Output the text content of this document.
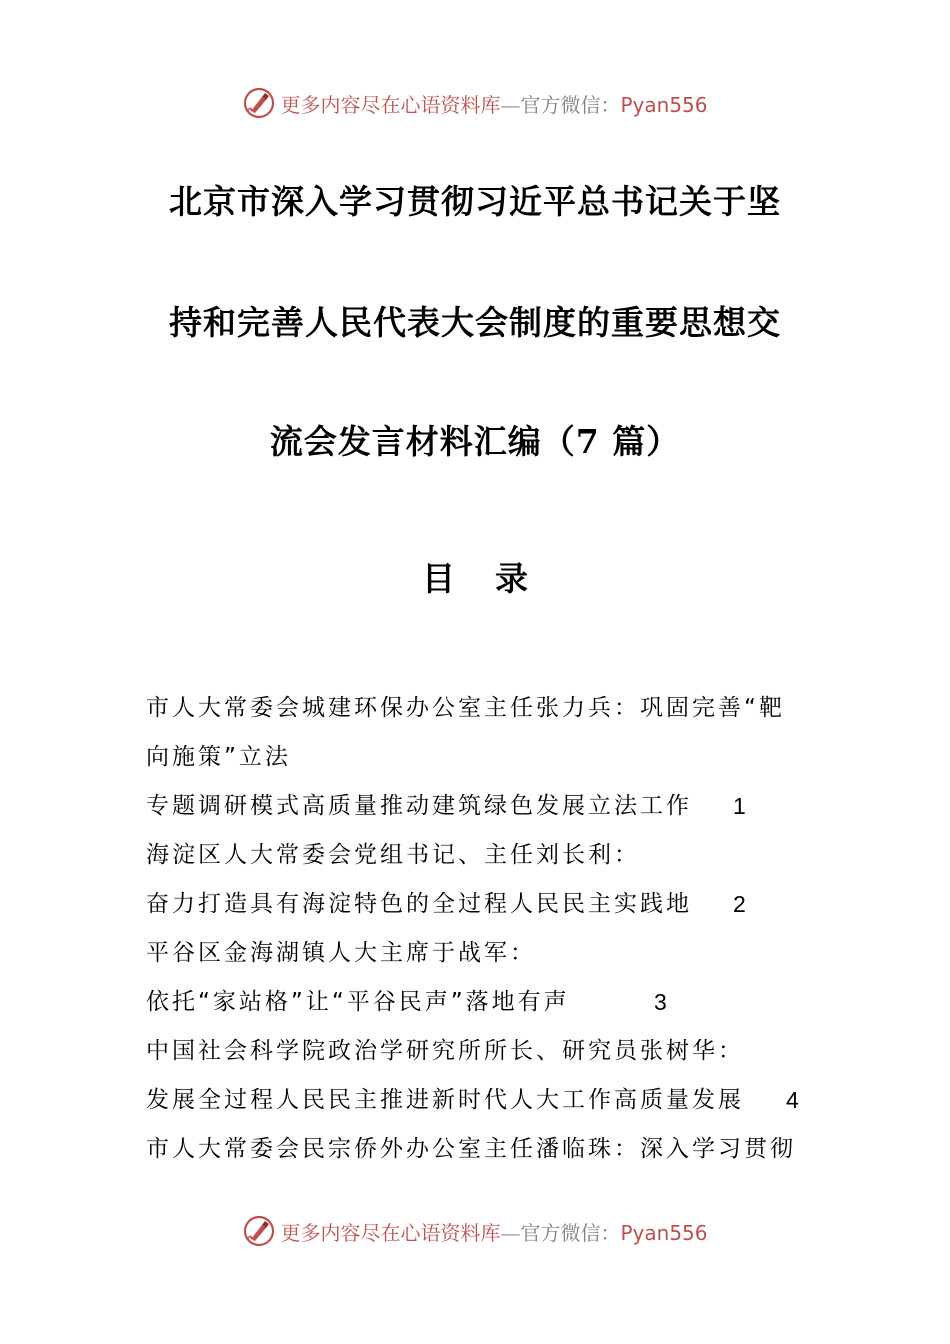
更多内容尽在心语资料库—官方微信：Pyan556
北京市深入学习贯彻习近平总书记关于坚
持和完善人民代表大会制度的重要思想交
流会发言材料汇编（7 篇）
目录
市人大常委会城建环保办公室主任张力兵：巩固完善“靶
向施策”立法
专题调研模式高质量推动建筑绿色发展立法工作 1
海淀区人大常委会党组书记、主任刘长利：
奋力打造具有海淀特色的全过程人民民主实践地 2
平谷区金海湖镇人大主席于战军：
依托“家站格”让“平谷民声”落地有声	3
中国社会科学院政治学研究所所长、研究员张树华：
发展全过程人民民主推进新时代人大工作高质量发展 4
市人大常委会民宗侨外办公室主任潘临珠：深入学习贯彻
更多内容尽在心语资料库—官方微信：Pyan556
